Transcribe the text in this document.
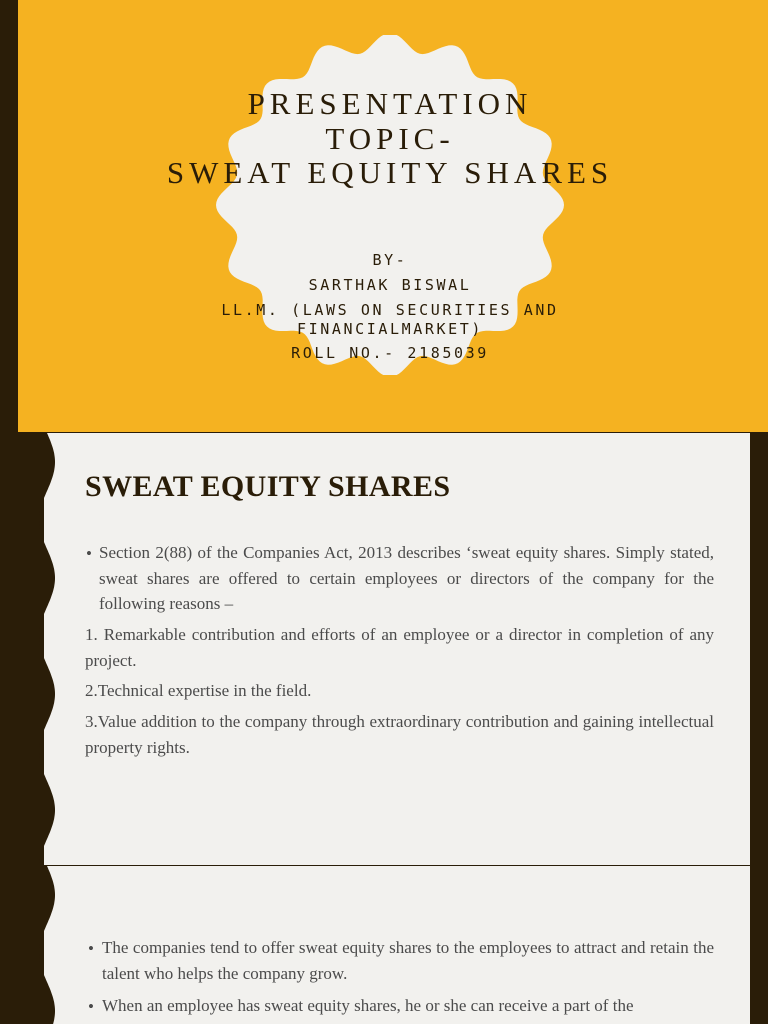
PRESENTATION

TOPIC-

SWEAT EQUITY SHARES

BY-

SARTHAK BISWAL

LL.M. (LAWS ON SECURITIES AND

FINANCIALMARKET)

ROLL NO.- 2185039

SWEAT EQUITY SHARES
• Section 2(88) of the Companies Act, 2013 describes ‘sweat equity shares. Simply stated, sweat shares are offered to certain employees or directors of the company for the following reasons –

1. Remarkable contribution and efforts of an employee or a director in completion of any project.

2.Technical expertise in the field.

3.Value addition to the company through extraordinary contribution and gaining intellectual property rights.

• The companies tend to offer sweat equity shares to the employees to attract and retain the talent who helps the company grow.

• When an employee has sweat equity shares, he or she can receive a part of the
